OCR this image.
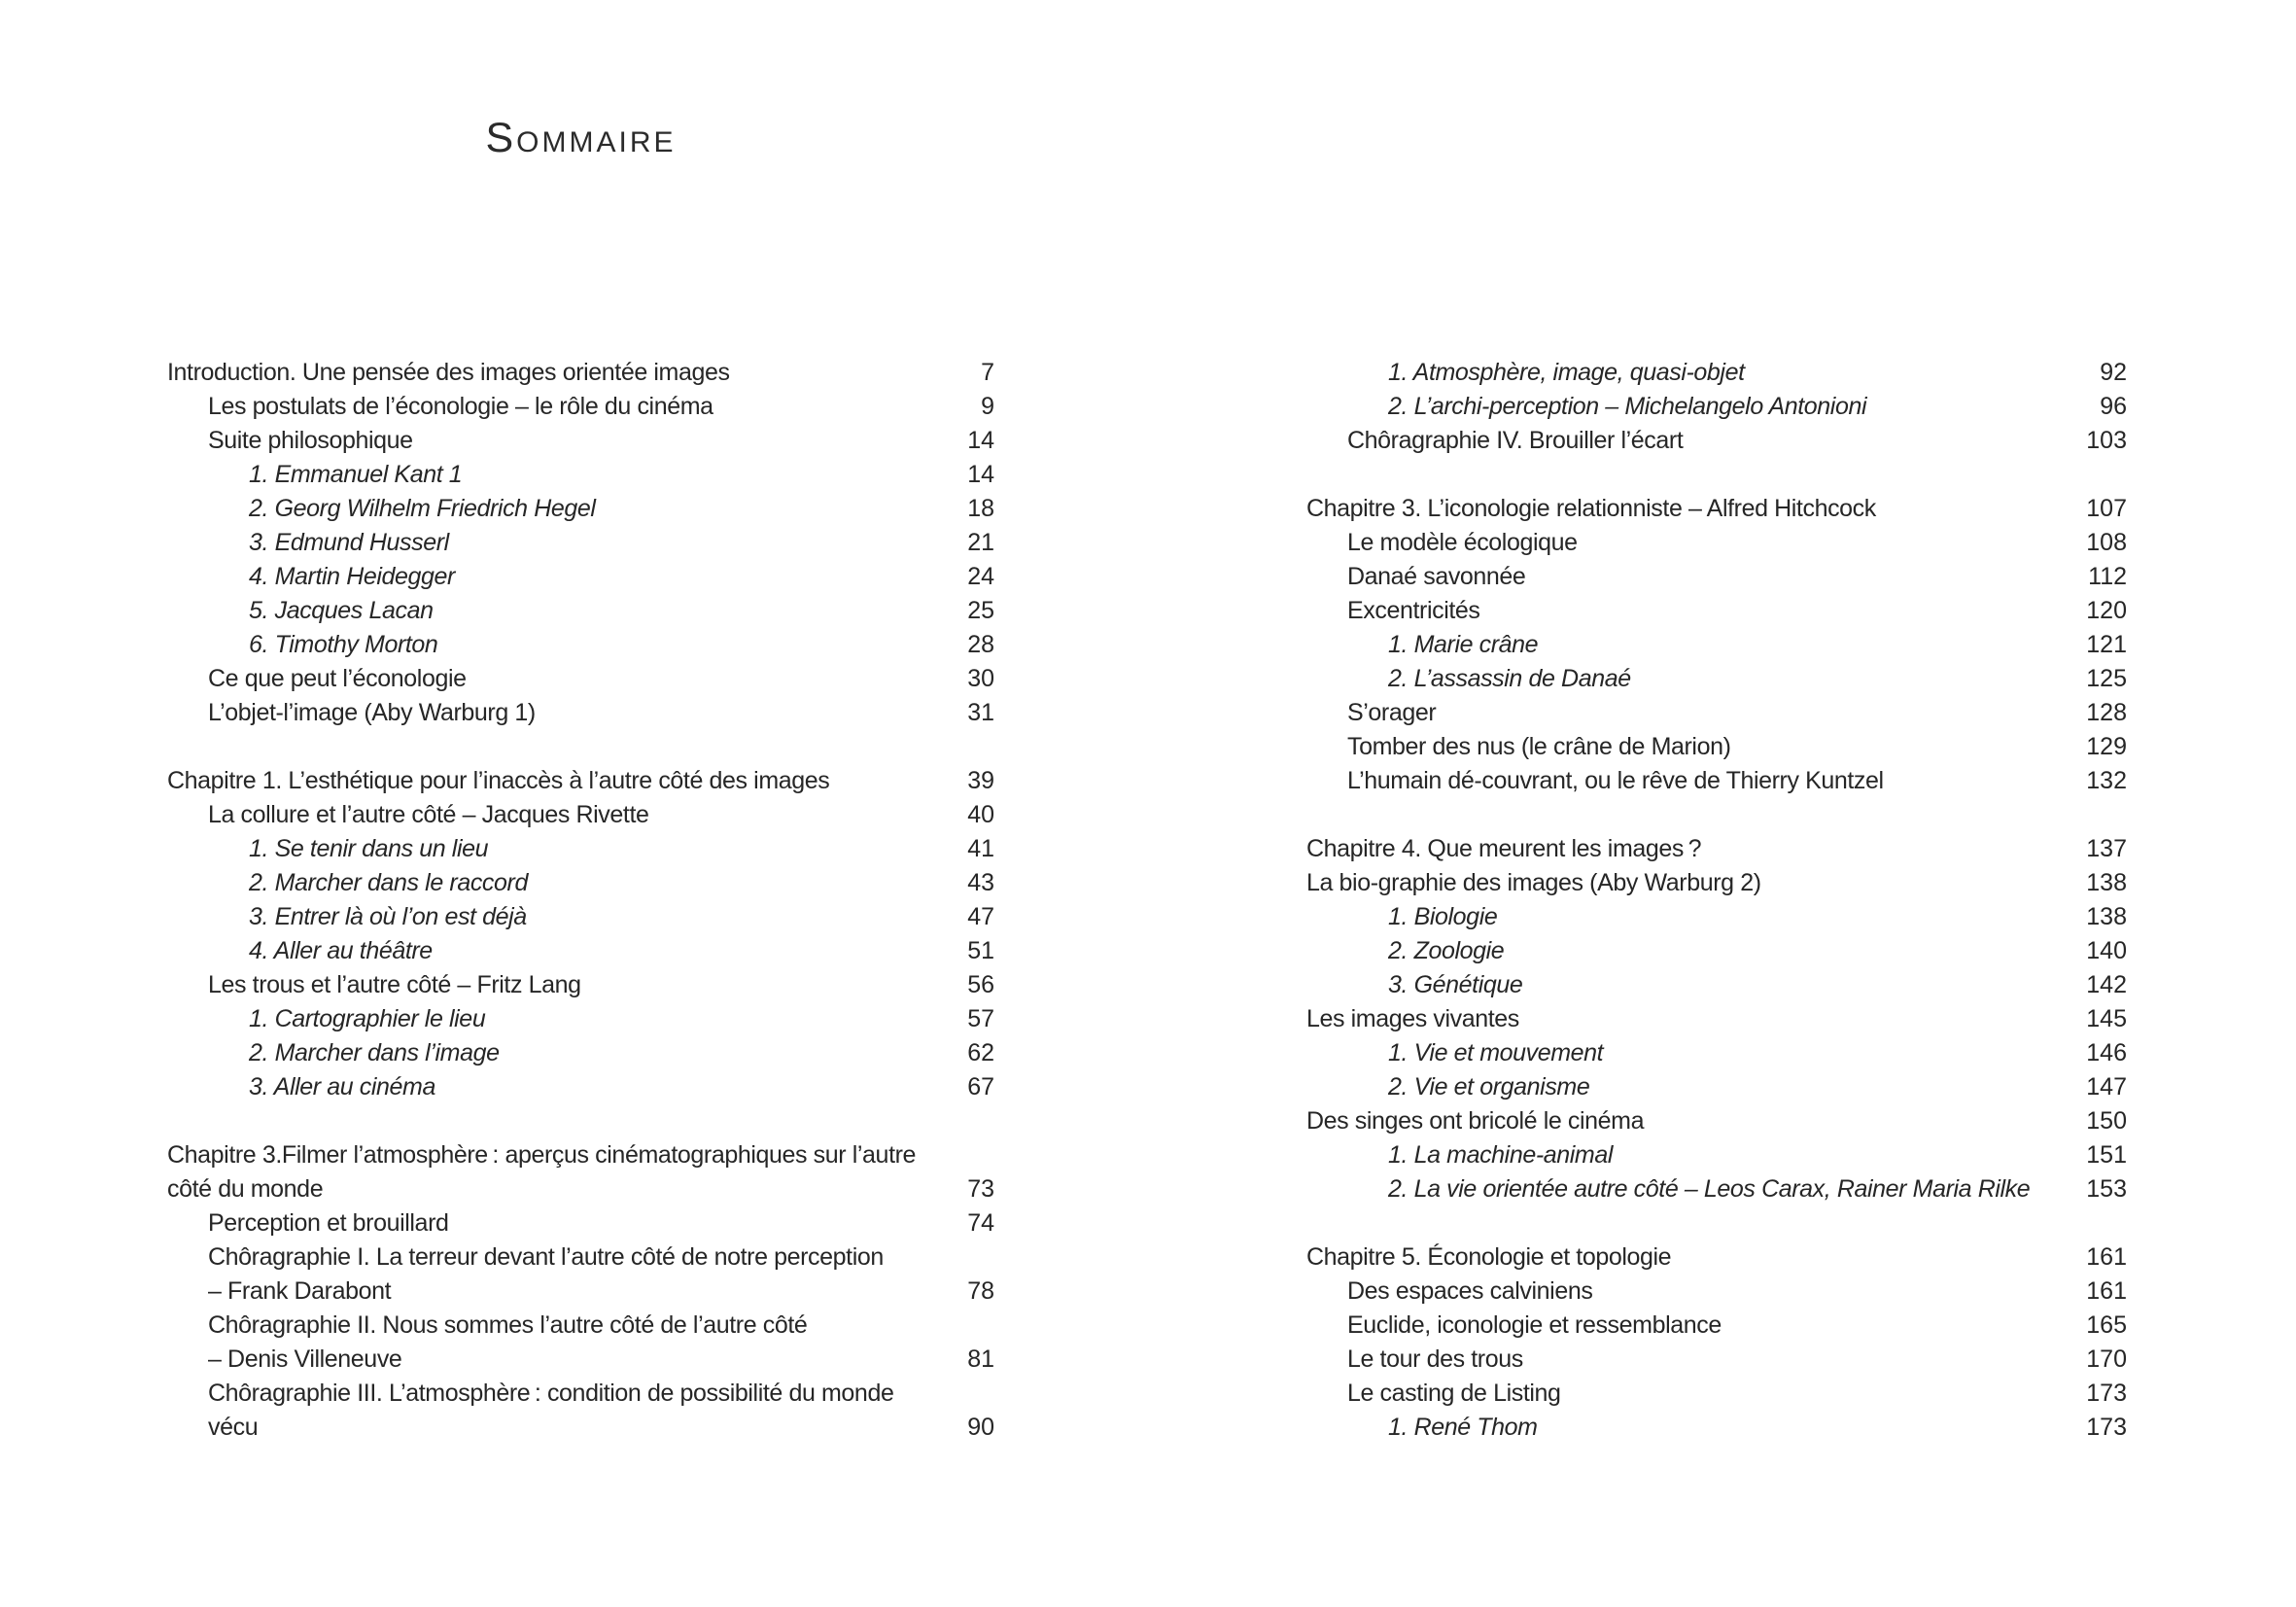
Sommaire
Introduction. Une pensée des images orientée images	7
Les postulats de l’éconologie – le rôle du cinéma	9
Suite philosophique	14
1. Emmanuel Kant 1	14
2. Georg Wilhelm Friedrich Hegel	18
3. Edmund Husserl	21
4. Martin Heidegger	24
5. Jacques Lacan	25
6. Timothy Morton	28
Ce que peut l’éconologie	30
L’objet-l’image (Aby Warburg 1)	31
Chapitre 1. L’esthétique pour l’inaccès à l’autre côté des images	39
La collure et l’autre côté – Jacques Rivette	40
1. Se tenir dans un lieu	41
2. Marcher dans le raccord	43
3. Entrer là où l’on est déjà	47
4. Aller au théâtre	51
Les trous et l’autre côté – Fritz Lang	56
1. Cartographier le lieu	57
2. Marcher dans l’image	62
3. Aller au cinéma	67
Chapitre 3.Filmer l’atmosphère : aperçus cinématographiques sur l’autre
côté du monde	73
Perception et brouillard	74
Chôragraphie I. La terreur devant l’autre côté de notre perception
– Frank Darabont	78
Chôragraphie II. Nous sommes l’autre côté de l’autre côté
– Denis Villeneuve	81
Chôragraphie III. L’atmosphère : condition de possibilité du monde
vécu	90
1. Atmosphère, image, quasi-objet	92
2. L’archi-perception – Michelangelo Antonioni	96
Chôragraphie IV. Brouiller l’écart	103
Chapitre 3. L’iconologie relationniste – Alfred Hitchcock	107
Le modèle écologique	108
Danaé savonnée	112
Excentricités	120
1. Marie crâne	121
2. L’assassin de Danaé	125
S’orager	128
Tomber des nus (le crâne de Marion)	129
L’humain dé-couvrant, ou le rêve de Thierry Kuntzel	132
Chapitre 4. Que meurent les images ?	137
La bio-graphie des images (Aby Warburg 2)	138
1. Biologie	138
2. Zoologie	140
3. Génétique	142
Les images vivantes	145
1. Vie et mouvement	146
2. Vie et organisme	147
Des singes ont bricolé le cinéma	150
1. La machine-animal	151
2. La vie orientée autre côté – Leos Carax, Rainer Maria Rilke	153
Chapitre 5. Éconologie et topologie	161
Des espaces calviniens	161
Euclide, iconologie et ressemblance	165
Le tour des trous	170
Le casting de Listing	173
1. René Thom	173
